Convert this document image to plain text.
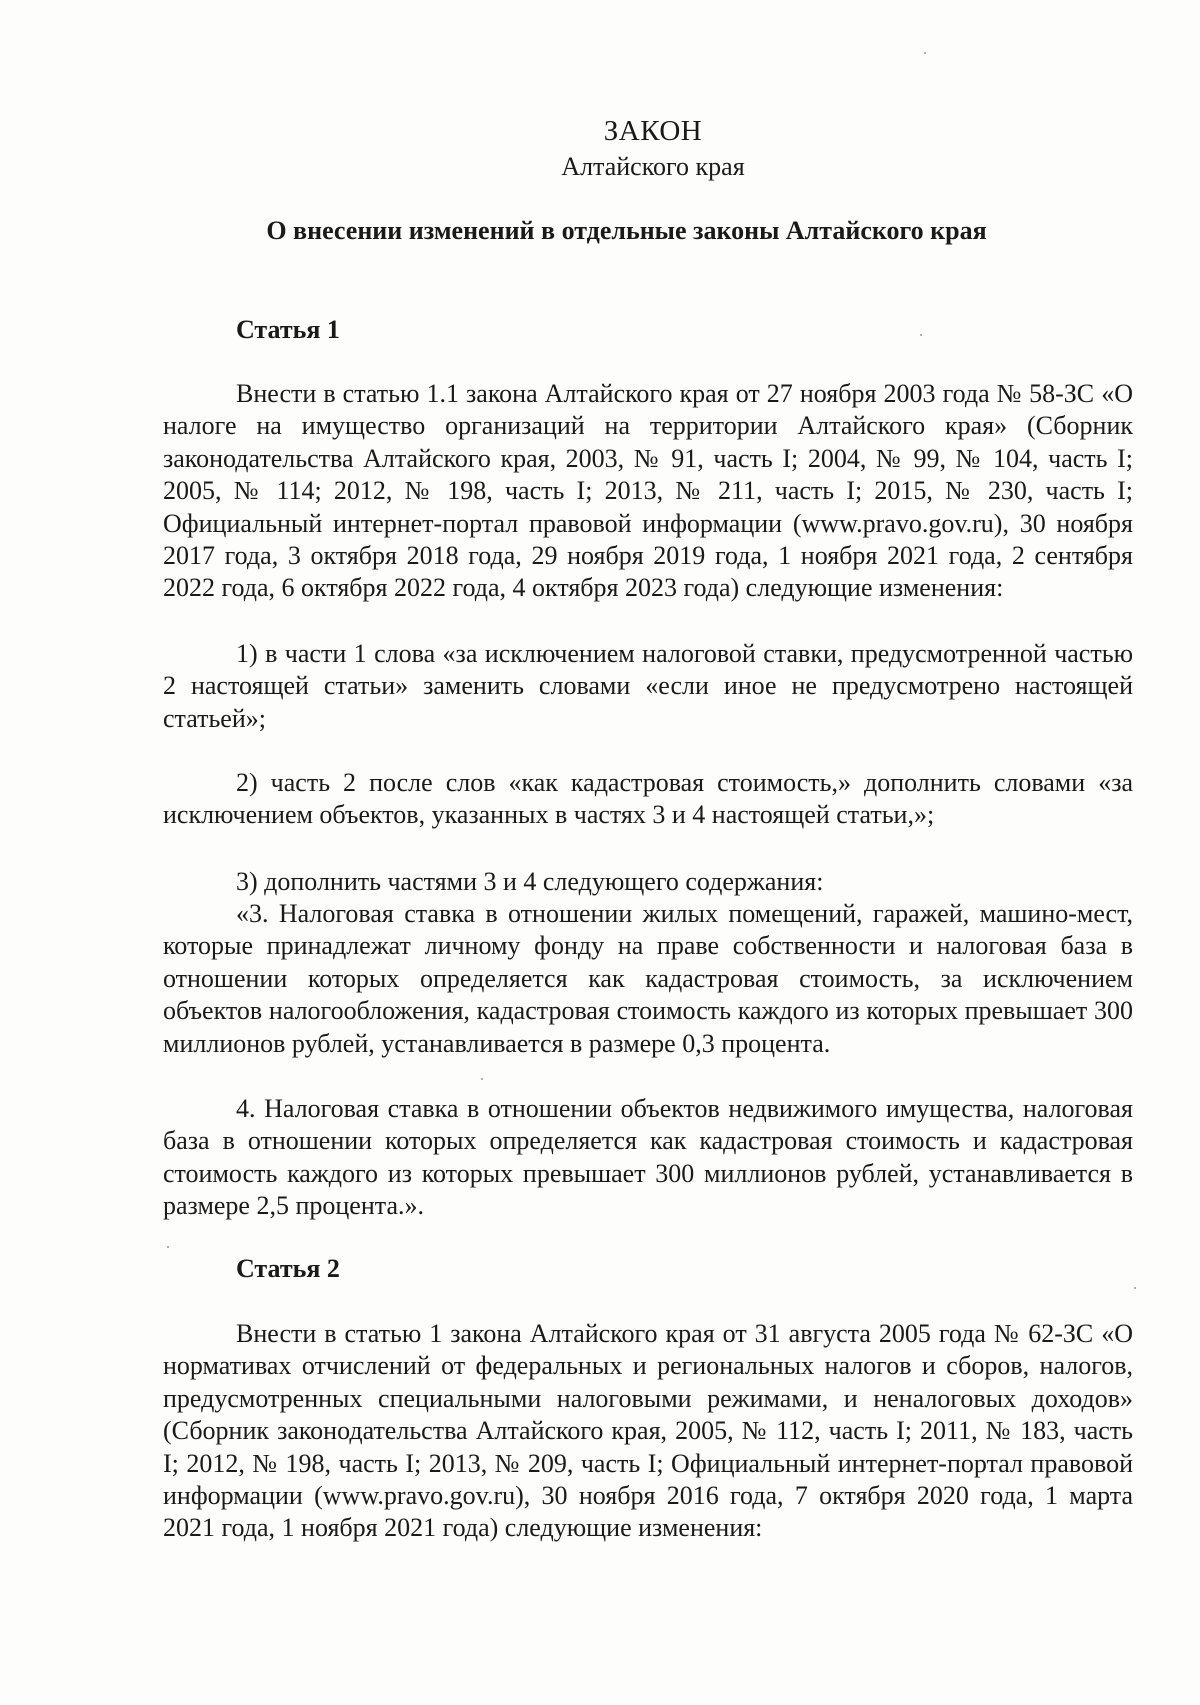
ЗАКОН
Алтайского края
О внесении изменений в отдельные законы Алтайского края
Статья 1

Внести в статью 1.1 закона Алтайского края от 27 ноября 2003 года № 58-ЗС «О налоге на имущество организаций на территории Алтайского края» (Сборник законодательства Алтайского края, 2003, № 91, часть I; 2004, № 99, № 104, часть I; 2005, № 114; 2012, № 198, часть I; 2013, № 211, часть I; 2015, № 230, часть I; Официальный интернет-портал правовой информации (www.pravo.gov.ru), 30 ноября 2017 года, 3 октября 2018 года, 29 ноября 2019 года, 1 ноября 2021 года, 2 сентября 2022 года, 6 октября 2022 года, 4 октября 2023 года) следующие изменения:

1) в части 1 слова «за исключением налоговой ставки, предусмотренной частью 2 настоящей статьи» заменить словами «если иное не предусмотрено настоящей статьей»;

2) часть 2 после слов «как кадастровая стоимость,» дополнить словами «за исключением объектов, указанных в частях 3 и 4 настоящей статьи,»;

3) дополнить частями 3 и 4 следующего содержания:

«3. Налоговая ставка в отношении жилых помещений, гаражей, машино-мест, которые принадлежат личному фонду на праве собственности и налоговая база в отношении которых определяется как кадастровая стоимость, за исключением объектов налогообложения, кадастровая стоимость каждого из которых превышает 300 миллионов рублей, устанавливается в размере 0,3 процента.

4. Налоговая ставка в отношении объектов недвижимого имущества, налоговая база в отношении которых определяется как кадастровая стоимость и кадастровая стоимость каждого из которых превышает 300 миллионов рублей, устанавливается в размере 2,5 процента.».

Статья 2

Внести в статью 1 закона Алтайского края от 31 августа 2005 года № 62-ЗС «О нормативах отчислений от федеральных и региональных налогов и сборов, налогов, предусмотренных специальными налоговыми режимами, и неналоговых доходов» (Сборник законодательства Алтайского края, 2005, № 112, часть I; 2011, № 183, часть I; 2012, № 198, часть I; 2013, № 209, часть I; Официальный интернет-портал правовой информации (www.pravo.gov.ru), 30 ноября 2016 года, 7 октября 2020 года, 1 марта 2021 года, 1 ноября 2021 года) следующие изменения:
